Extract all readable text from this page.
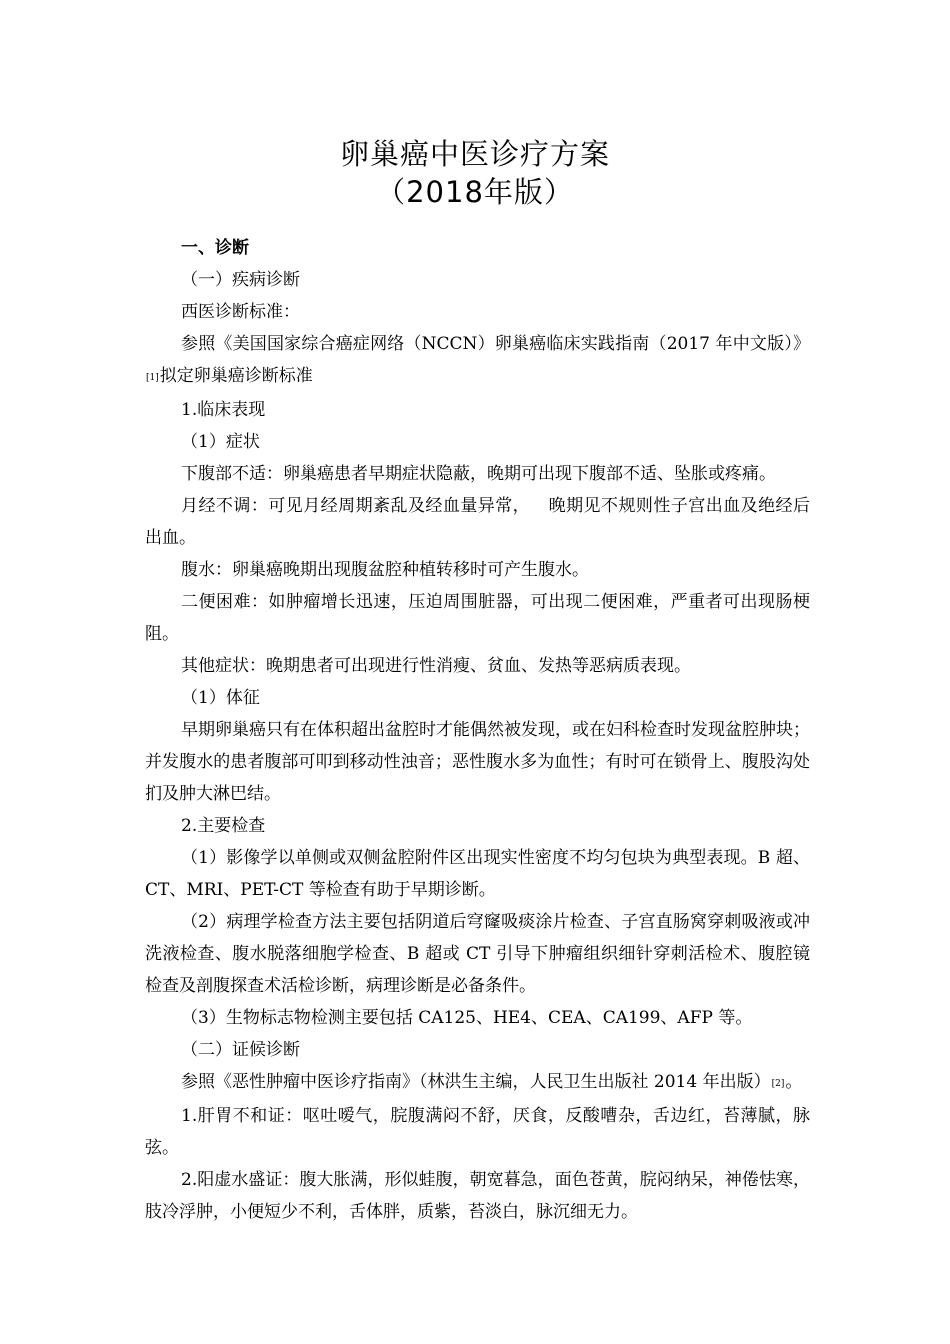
卵巢癌中医诊疗方案
（2018年版）

一、诊断

（一）疾病诊断

西医诊断标准：

参照《美国国家综合癌症网络（NCCN）卵巢癌临床实践指南（2017 年中文版）》[1]拟定卵巢癌诊断标准

1.临床表现

（1）症状

下腹部不适：卵巢癌患者早期症状隐蔽，晚期可出现下腹部不适、坠胀或疼痛。

月经不调：可见月经周期紊乱及经血量异常， 晚期见不规则性子宫出血及绝经后出血。

腹水：卵巢癌晚期出现腹盆腔种植转移时可产生腹水。

二便困难：如肿瘤增长迅速，压迫周围脏器，可出现二便困难，严重者可出现肠梗阻。

其他症状：晚期患者可出现进行性消瘦、贫血、发热等恶病质表现。

（1）体征

早期卵巢癌只有在体积超出盆腔时才能偶然被发现，或在妇科检查时发现盆腔肿块；并发腹水的患者腹部可叩到移动性浊音；恶性腹水多为血性；有时可在锁骨上、腹股沟处扪及肿大淋巴结。

2.主要检查

（1）影像学以单侧或双侧盆腔附件区出现实性密度不均匀包块为典型表现。B 超、CT、MRI、PET-CT 等检查有助于早期诊断。

（2）病理学检查方法主要包括阴道后穹窿吸痰涂片检查、子宫直肠窝穿刺吸液或冲洗液检查、腹水脱落细胞学检查、B 超或 CT 引导下肿瘤组织细针穿刺活检术、腹腔镜检查及剖腹探查术活检诊断，病理诊断是必备条件。

（3）生物标志物检测主要包括 CA125、HE4、CEA、CA199、AFP 等。

（二）证候诊断

参照《恶性肿瘤中医诊疗指南》（林洪生主编，人民卫生出版社 2014 年出版）[2]。

1.肝胃不和证：呕吐嗳气，脘腹满闷不舒，厌食，反酸嘈杂，舌边红，苔薄腻，脉弦。

2.阳虚水盛证：腹大胀满，形似蛙腹，朝宽暮急，面色苍黄，脘闷纳呆，神倦怯寒，肢冷浮肿，小便短少不利，舌体胖，质紫，苔淡白，脉沉细无力。
